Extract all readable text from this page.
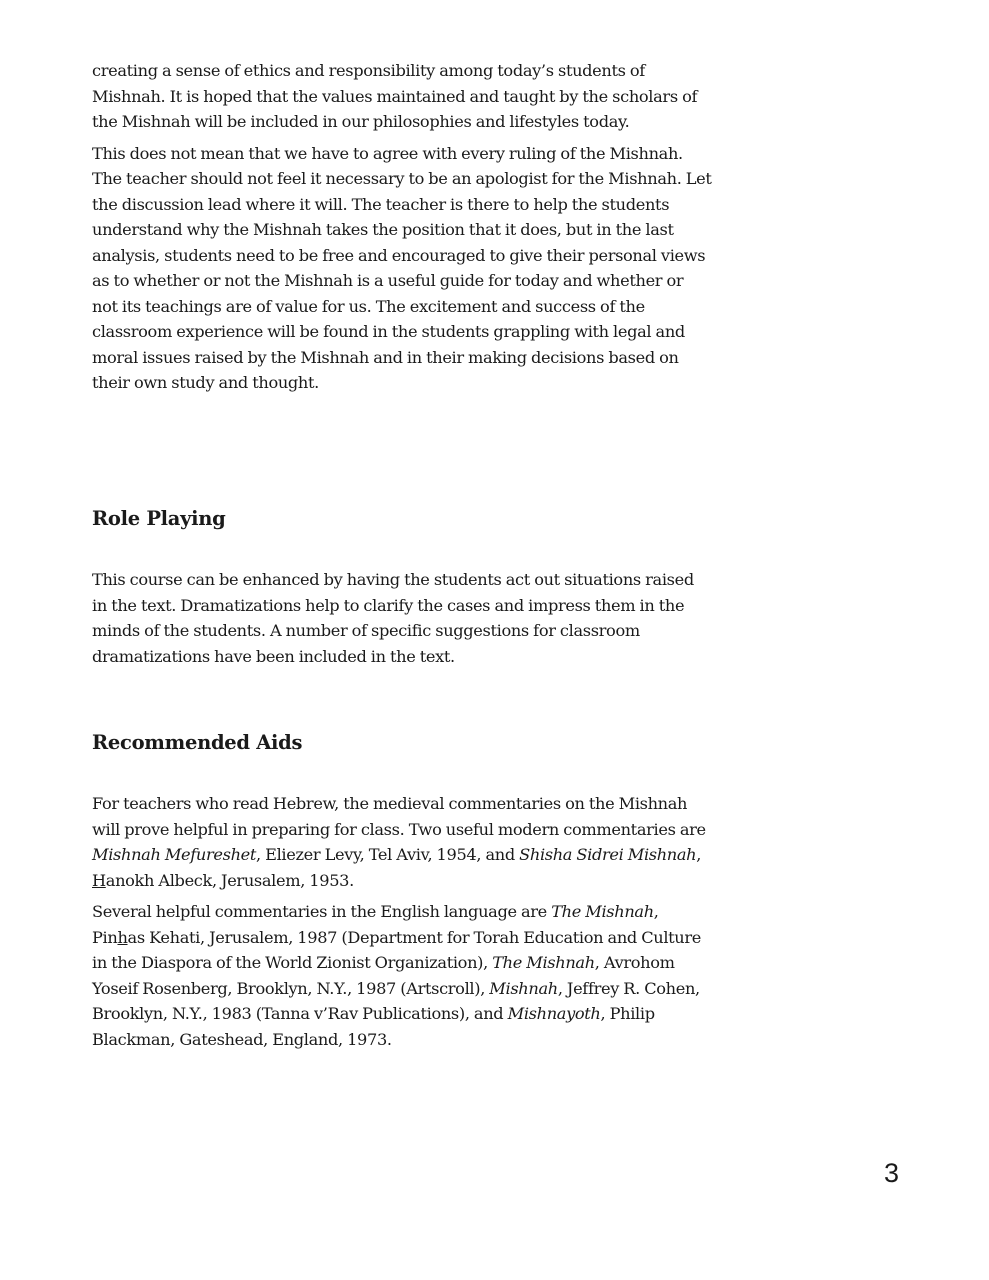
creating a sense of ethics and responsibility among today’s students of Mishnah. It is hoped that the values maintained and taught by the scholars of the Mishnah will be included in our philosophies and lifestyles today.

This does not mean that we have to agree with every ruling of the Mishnah. The teacher should not feel it necessary to be an apologist for the Mishnah. Let the discussion lead where it will. The teacher is there to help the students understand why the Mishnah takes the position that it does, but in the last analysis, students need to be free and encouraged to give their personal views as to whether or not the Mishnah is a useful guide for today and whether or not its teachings are of value for us. The excitement and success of the classroom experience will be found in the students grappling with legal and moral issues raised by the Mishnah and in their making decisions based on their own study and thought.

Role Playing

This course can be enhanced by having the students act out situations raised in the text. Dramatizations help to clarify the cases and impress them in the minds of the students. A number of specific suggestions for classroom dramatizations have been included in the text.

Recommended Aids

For teachers who read Hebrew, the medieval commentaries on the Mishnah will prove helpful in preparing for class. Two useful modern commentaries are Mishnah Mefureshet, Eliezer Levy, Tel Aviv, 1954, and Shisha Sidrei Mishnah, Hanokh Albeck, Jerusalem, 1953.

Several helpful commentaries in the English language are The Mishnah, Pinhas Kehati, Jerusalem, 1987 (Department for Torah Education and Culture in the Diaspora of the World Zionist Organization), The Mishnah, Avrohom Yoseif Rosenberg, Brooklyn, N.Y., 1987 (Artscroll), Mishnah, Jeffrey R. Cohen, Brooklyn, N.Y., 1983 (Tanna v’Rav Publications), and Mishnayoth, Philip Blackman, Gateshead, England, 1973.

3
